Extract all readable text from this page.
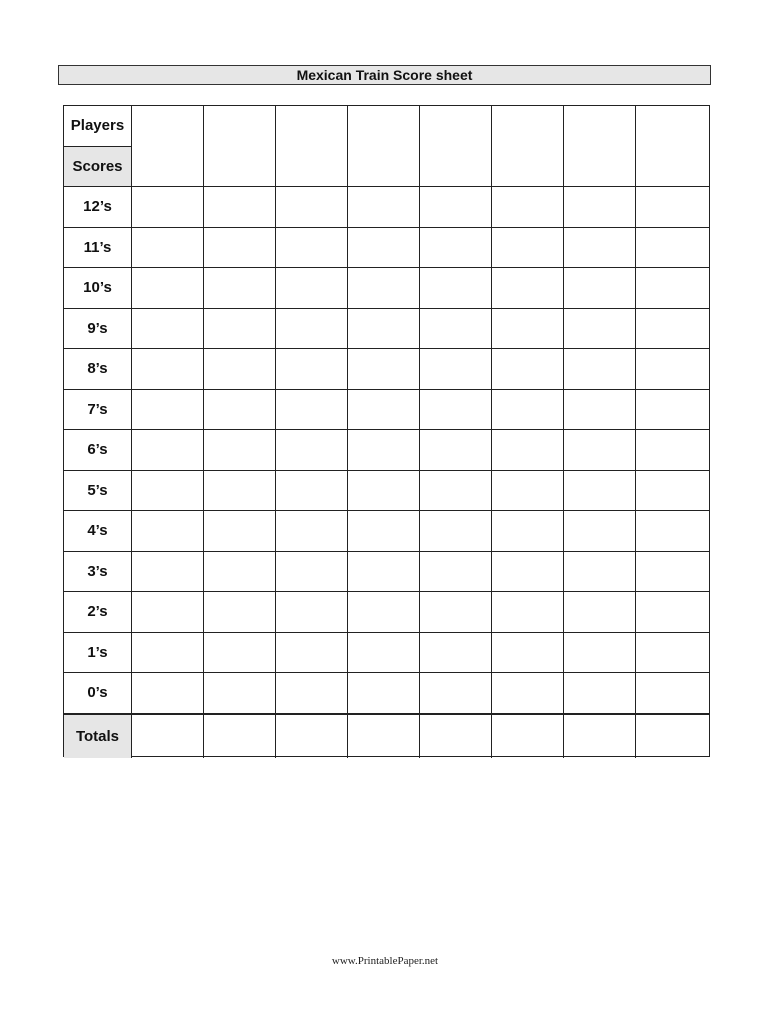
Mexican Train Score sheet
Players
Scores
12’s
11’s
10’s
9’s
8’s
7’s
6’s
5’s
4’s
3’s
2’s
1’s
0’s
Totals
www.PrintablePaper.net
